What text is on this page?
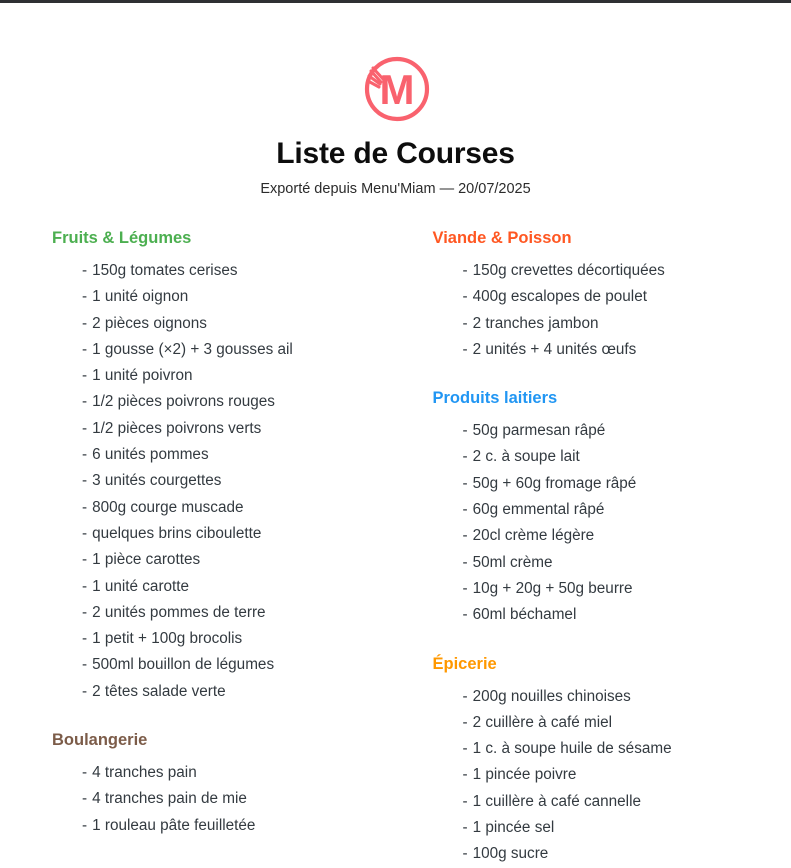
M
Liste de Courses

Exporté depuis Menu'Miam — 20/07/2025

Fruits & Légumes
- 150g tomates cerises
- 1 unité oignon
- 2 pièces oignons
- 1 gousse (×2) + 3 gousses ail
- 1 unité poivron
- 1/2 pièces poivrons rouges
- 1/2 pièces poivrons verts
- 6 unités pommes
- 3 unités courgettes
- 800g courge muscade
- quelques brins ciboulette
- 1 pièce carottes
- 1 unité carotte
- 2 unités pommes de terre
- 1 petit + 100g brocolis
- 500ml bouillon de légumes
- 2 têtes salade verte
Boulangerie
- 4 tranches pain
- 4 tranches pain de mie
- 1 rouleau pâte feuilletée
Viande & Poisson
- 150g crevettes décortiquées
- 400g escalopes de poulet
- 2 tranches jambon
- 2 unités + 4 unités œufs
Produits laitiers
- 50g parmesan râpé
- 2 c. à soupe lait
- 50g + 60g fromage râpé
- 60g emmental râpé
- 20cl crème légère
- 50ml crème
- 10g + 20g + 50g beurre
- 60ml béchamel
Épicerie
- 200g nouilles chinoises
- 2 cuillère à café miel
- 1 c. à soupe huile de sésame
- 1 pincée poivre
- 1 cuillère à café cannelle
- 1 pincée sel
- 100g sucre
